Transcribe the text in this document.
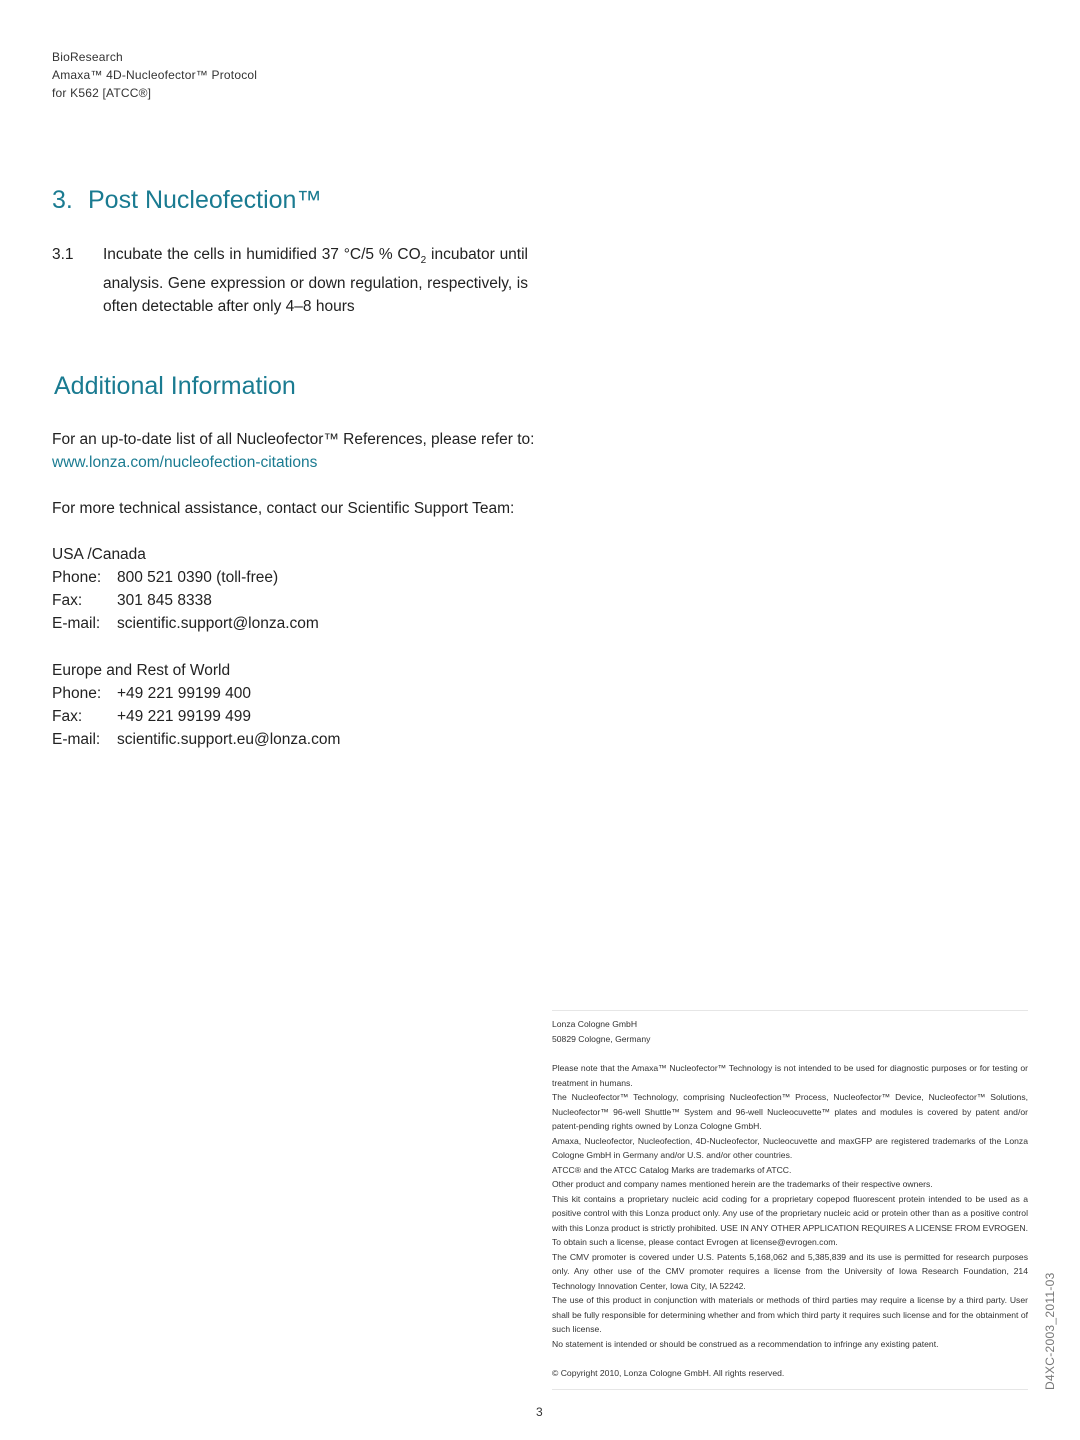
BioResearch
Amaxa™ 4D-Nucleofector™ Protocol
for K562 [ATCC®]
3. Post Nucleofection™
3.1 Incubate the cells in humidified 37 °C/5 % $CO_2$ incubator until analysis. Gene expression or down regulation, respectively, is often detectable after only 4–8 hours
Additional Information
For an up-to-date list of all Nucleofector™ References, please refer to:
www.lonza.com/nucleofection-citations
For more technical assistance, contact our Scientific Support Team:
USA /Canada
Phone:	800 521 0390 (toll-free)
Fax:	301 845 8338
E-mail:	scientific.support@lonza.com
Europe and Rest of World
Phone:	+49 221 99199 400
Fax:	+49 221 99199 499
E-mail:	scientific.support.eu@lonza.com

Lonza Cologne GmbH

50829 Cologne, Germany

Please note that the Amaxa™ Nucleofector™ Technology is not intended to be used for diagnostic purposes or for testing or treatment in humans.

The Nucleofector™ Technology, comprising Nucleofection™ Process, Nucleofector™ Device, Nucleofector™ Solutions, Nucleofector™ 96-well Shuttle™ System and 96-well Nucleocuvette™ plates and modules is covered by patent and/or patent-pending rights owned by Lonza Cologne GmbH.

Amaxa, Nucleofector, Nucleofection, 4D-Nucleofector, Nucleocuvette and maxGFP are registered trademarks of the Lonza Cologne GmbH in Germany and/or U.S. and/or other countries.

ATCC® and the ATCC Catalog Marks are trademarks of ATCC.

Other product and company names mentioned herein are the trademarks of their respective owners.

This kit contains a proprietary nucleic acid coding for a proprietary copepod fluorescent protein intended to be used as a positive control with this Lonza product only. Any use of the proprietary nucleic acid or protein other than as a positive control with this Lonza product is strictly prohibited. USE IN ANY OTHER APPLICATION REQUIRES A LICENSE FROM EVROGEN. To obtain such a license, please contact Evrogen at license@evrogen.com.

The CMV promoter is covered under U.S. Patents 5,168,062 and 5,385,839 and its use is permitted for research purposes only. Any other use of the CMV promoter requires a license from the University of Iowa Research Foundation, 214 Technology Innovation Center, Iowa City, IA 52242.

The use of this product in conjunction with materials or methods of third parties may require a license by a third party. User shall be fully responsible for determining whether and from which third party it requires such license and for the obtainment of such license.

No statement is intended or should be construed as a recommendation to infringe any existing patent.

© Copyright 2010, Lonza Cologne GmbH. All rights reserved.	D4XC-2003_2011-03
3
